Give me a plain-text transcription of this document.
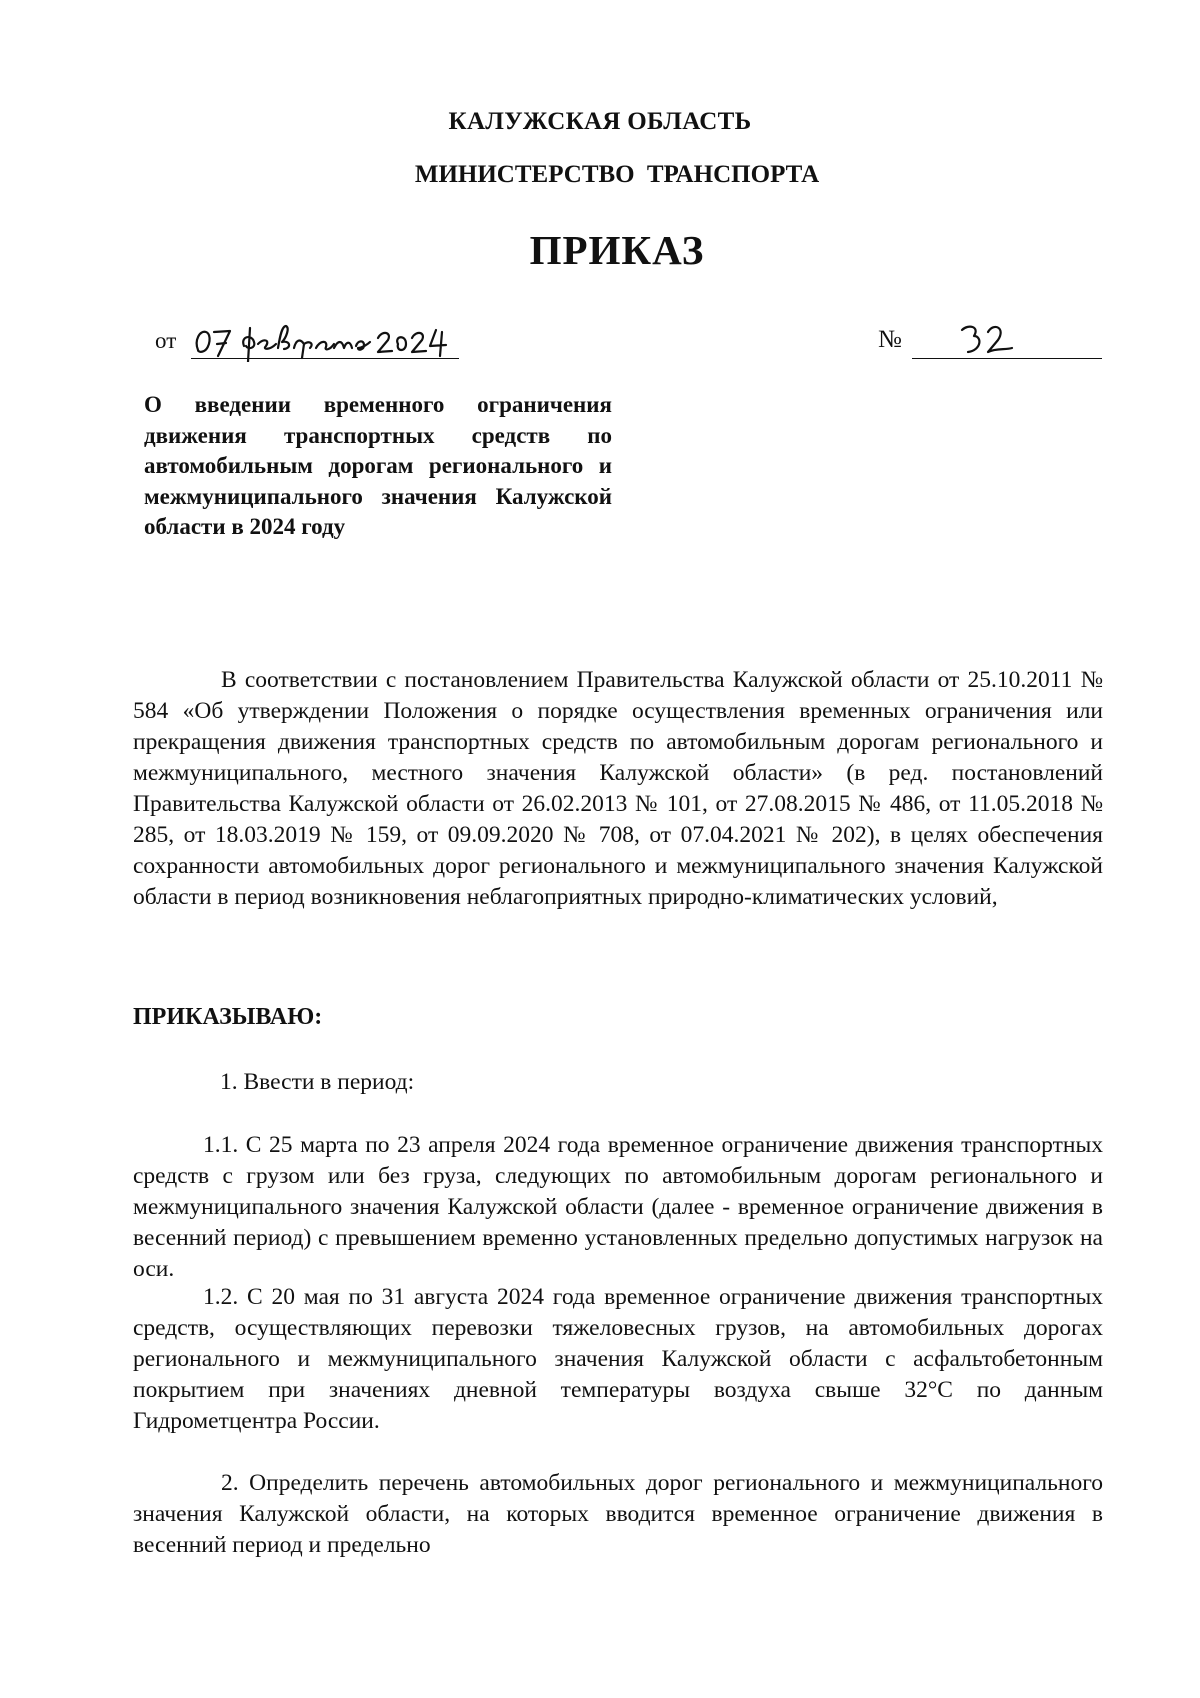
КАЛУЖСКАЯ ОБЛАСТЬ
МИНИСТЕРСТВО ТРАНСПОРТА
ПРИКАЗ
от	№
О введении временного ограничения движения транспортных средств по автомобильным дорогам регионального и межмуниципального значения Калужской области в 2024 году

В соответствии с постановлением Правительства Калужской области от 25.10.2011 № 584 «Об утверждении Положения о порядке осуществления временных ограничения или прекращения движения транспортных средств по автомобильным дорогам регионального и межмуниципального, местного значения Калужской области» (в ред. постановлений Правительства Калужской области от 26.02.2013 № 101, от 27.08.2015 № 486, от 11.05.2018 № 285, от 18.03.2019 № 159, от 09.09.2020 № 708, от 07.04.2021 № 202), в целях обеспечения сохранности автомобильных дорог регионального и межмуниципального значения Калужской области в период возникновения неблагоприятных природно-климатических условий,

ПРИКАЗЫВАЮ:
1. Ввести в период:

1.1. С 25 марта по 23 апреля 2024 года временное ограничение движения транспортных средств с грузом или без груза, следующих по автомобильным дорогам регионального и межмуниципального значения Калужской области (далее - временное ограничение движения в весенний период) с превышением временно установленных предельно допустимых нагрузок на оси.

1.2. С 20 мая по 31 августа 2024 года временное ограничение движения транспортных средств, осуществляющих перевозки тяжеловесных грузов, на автомобильных дорогах регионального и межмуниципального значения Калужской области с асфальтобетонным покрытием при значениях дневной температуры воздуха свыше 32°С по данным Гидрометцентра России.

2. Определить перечень автомобильных дорог регионального и межмуниципального значения Калужской области, на которых вводится временное ограничение движения в весенний период и предельно
